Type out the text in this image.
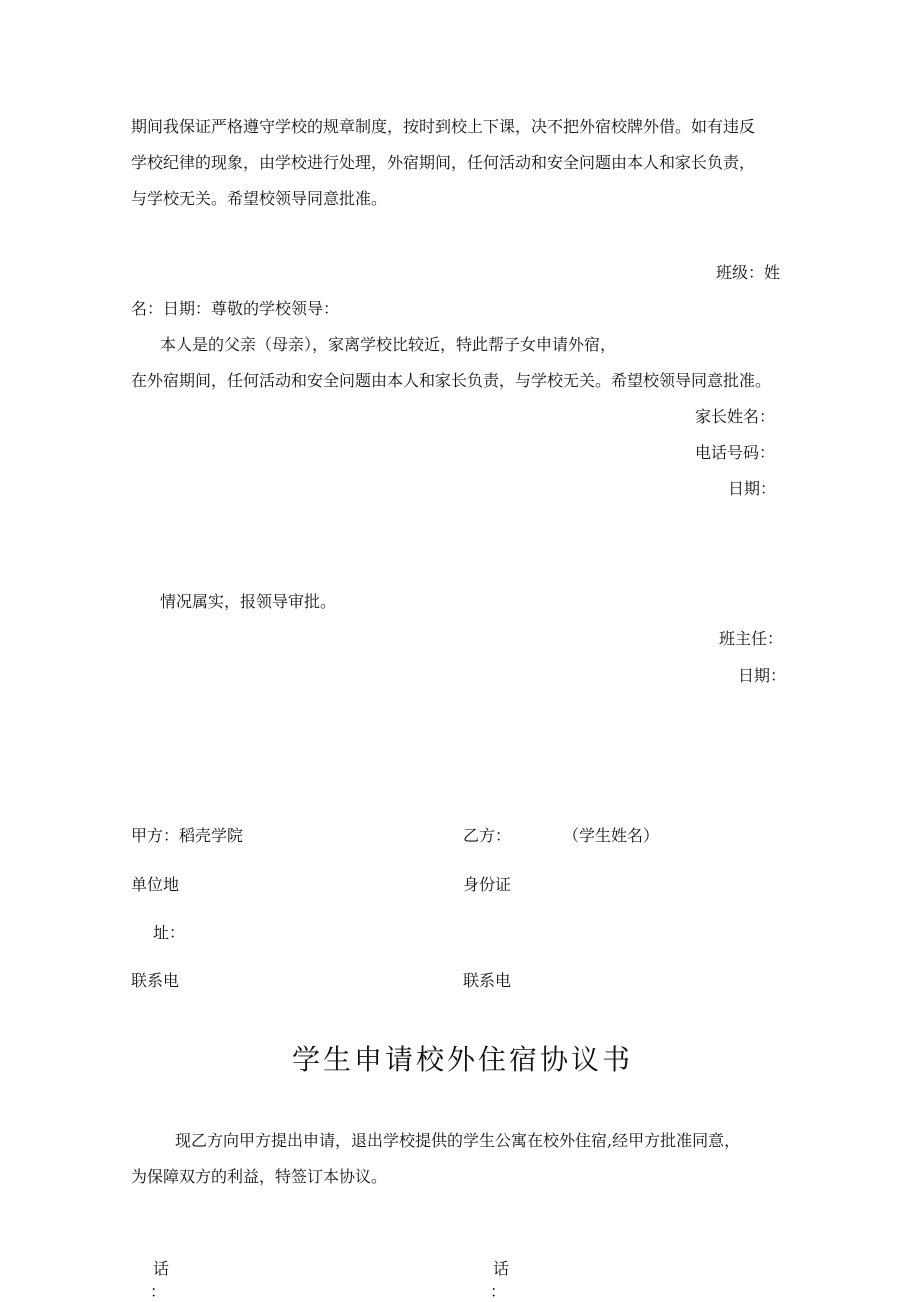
期间我保证严格遵守学校的规章制度，按时到校上下课，决不把外宿校牌外借。如有违反
学校纪律的现象，由学校进行处理，外宿期间，任何活动和安全问题由本人和家长负责，
与学校无关。希望校领导同意批准。
班级：姓
名：日期：尊敬的学校领导：
本人是的父亲（母亲），家离学校比较近，特此帮子女申请外宿，
在外宿期间，任何活动和安全问题由本人和家长负责，与学校无关。希望校领导同意批准。
家长姓名：
电话号码：
日期：
情况属实，报领导审批。
班主任：
日期：
甲方：稻壳学院	乙方：	（学生姓名）
单位地	身份证
址：
联系电	联系电
学生申请校外住宿协议书
现乙方向甲方提出申请，退出学校提供的学生公寓在校外住宿,经甲方批准同意，
为保障双方的利益，特签订本协议。
话	话
：	：
